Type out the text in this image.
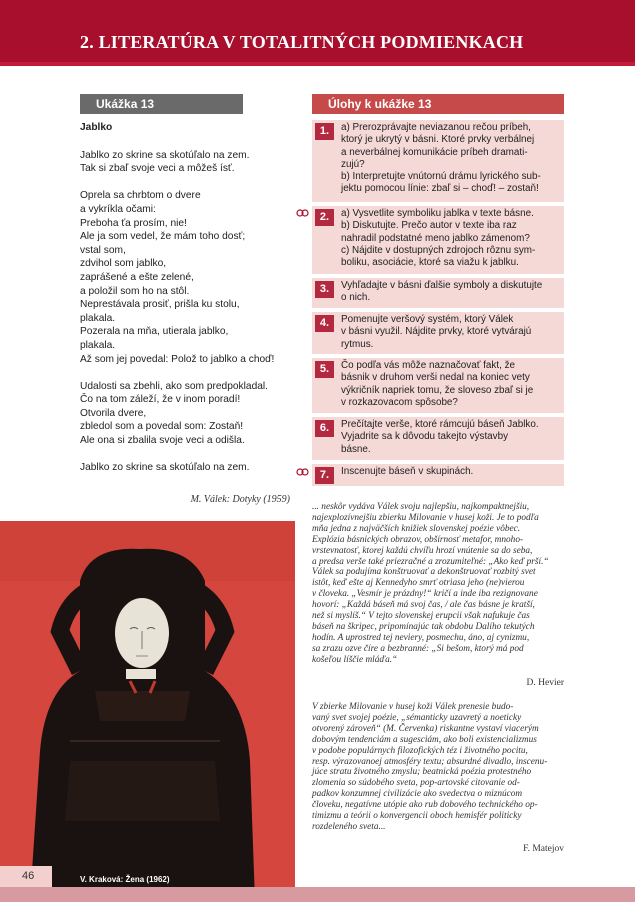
2. LITERATÚRA V TOTALITNÝCH PODMIENKACH
Ukážka 13	Úlohy k ukážke 13
Jablko
Jablko zo skrine sa skotúľalo na zem.
Tak si zbaľ svoje veci a môžeš ísť.
Oprela sa chrbtom o dvere
a vykríkla očami:
Preboha ťa prosím, nie!
Ale ja som vedel, že mám toho dosť;
vstal som,
zdvihol som jablko,
zaprášené a ešte zelené,
a položil som ho na stôl.
Neprestávala prosiť, prišla ku stolu,
plakala.
Pozerala na mňa, utierala jablko,
plakala.
Až som jej povedal: Polož to jablko a choď!
Udalosti sa zbehli, ako som predpokladal.
Čo na tom záleží, že v inom poradí!
Otvorila dvere,
zbledol som a povedal som: Zostaň!
Ale ona si zbalila svoje veci a odišla.
Jablko zo skrine sa skotúľalo na zem.
M. Válek: Dotyky (1959)
1.	a) Prerozprávajte neviazanou rečou príbeh,
ktorý je ukrytý v básni. Ktoré prvky verbálnej
a neverbálnej komunikácie príbeh dramati-
zujú?
b) Interpretujte vnútornú drámu lyrického sub-
jektu pomocou línie: zbaľ si – choď! – zostaň!
2.	a) Vysvetlite symboliku jablka v texte básne.
b) Diskutujte. Prečo autor v texte iba raz
nahradil podstatné meno jablko zámenom?
c) Nájdite v dostupných zdrojoch rôznu sym-
boliku, asociácie, ktoré sa viažu k jablku.
3.	Vyhľadajte v básni ďalšie symboly a diskutujte
o nich.
4.	Pomenujte veršový systém, ktorý Válek
v básni využil. Nájdite prvky, ktoré vytvárajú
rytmus.
5.	Čo podľa vás môže naznačovať fakt, že
básnik v druhom verši nedal na koniec vety
výkričník napriek tomu, že sloveso zbaľ si je
v rozkazovacom spôsobe?
6.	Prečítajte verše, ktoré rámcujú báseň Jablko.
Vyjadrite sa k dôvodu takejto výstavby
básne.
7.	Inscenujte báseň v skupinách.
46	V. Kraková: Žena (1962)
... neskôr vydáva Válek svoju najlepšiu, najkompaktnejšiu,
najexplozívnejšiu zbierku Milovanie v husej koži. Je to podľa
mňa jedna z najväčších knižiek slovenskej poézie vôbec.
Explózia básnických obrazov, obšírnosť metafor, mnoho-
vrstevnatosť, ktorej každú chvíľu hrozí vnútenie sa do seba,
a predsa verše také priezračné a zrozumiteľné: „Ako keď prší.“
Válek sa podujíma konštruovať a dekonštruovať rozbitý svet
istôt, keď ešte aj Kennedyho smrť otriasa jeho (ne)vierou
v človeka. „Vesmír je prázdny!“ kričí a inde iba rezignovane
hovorí: „Každá báseň má svoj čas, / ale čas básne je kratší,
než si myslíš.“ V tejto slovenskej erupcii však nafukuje čas
báseň na škripec, pripomínajúc tak obdobu Dalího tekutých
hodín. A uprostred tej neviery, posmechu, áno, aj cynizmu,
sa zrazu ozve číre a bezbranné: „Si bešom, ktorý má pod
košeľou líščie mláďa.“
D. Hevier
V zbierke Milovanie v husej koži Válek prenesie budo-
vaný svet svojej poézie, „sémanticky uzavretý a noeticky
otvorený zároveň“ (M. Červenka) riskantne vystaví viacerým
dobovým tendenciám a sugesciám, ako boli existencializmus
v podobe populárnych filozofických téz i životného pocitu,
resp. výrazovanoej atmosféry textu; absurdné divadlo, inscenu-
júce stratu životného zmyslu; beatnická poézia protestného
zlomenia so súdobého sveta, pop-artovské citovanie od-
padkov konzumnej civilizácie ako svedectva o miznúcom
človeku, negatívne utópie ako rub dobového technického op-
timizmu a teórii o konvergencii oboch hemisfér politicky
rozdeleného sveta...
F. Matejov
